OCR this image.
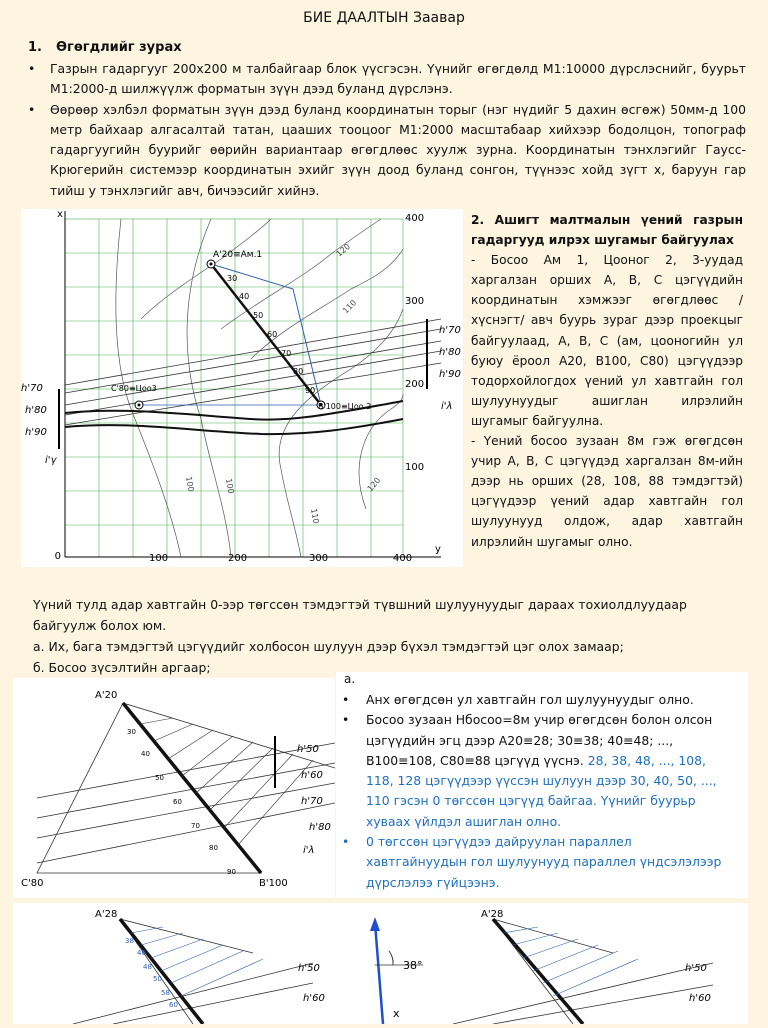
БИЕ ДААЛТЫН Заавар
1. Өгөгдлийг зурах
• Газрын гадаргууг 200х200 м талбайгаар блок үүсгэсэн. Үүнийг өгөгдөлд М1:10000 дүрслэснийг, буурьт М1:2000-д шилжүүлж форматын зүүн дээд буланд дүрслэнэ.
• Өөрөөр хэлбэл форматын зүүн дээд буланд координатын торыг (нэг нүдийг 5 дахин өсгөж) 50мм-д 100 метр байхаар алгасалтай татан, цааших тооцоог М1:2000 масштабаар хийхээр бодолцон, топограф гадаргуугийн буурийг өөрийн вариантаар өгөгдлөөс хуулж зурна. Координатын тэнхлэгийг Гаусс-Крюгерийн системээр координатын эхийг зүүн доод буланд сонгон, түүнээс хойд зүгт х, баруун гар тийш у тэнхлэгийг авч, бичээсийг хийнэ.
x
y
0	100	200	300	400
100
200
300
400
110
120
100
100
110
120
A'20≡Ам.1
B'100≡Цоо.2
C'80≡Цоо3
30
40
50
60
70
80
90
h'70
h'80
h'90
h'70
h'80
h'90
i'λ
i'γ
2. Ашигт малтмалын үений газрын гадаргууд илрэх шугамыг байгуулах
- Босоо Ам 1, Цооног 2, 3-уудад харгалзан орших A, B, C цэгүүдийн координатын хэмжээг өгөгдлөөс /хүснэгт/ авч буурь зураг дээр проекцыг байгуулаад, A, B, C (ам, цооногийн ул буюу ёроол A20, B100, C80) цэгүүдээр тодорхойлогдох үений ул хавтгайн гол шулуунуудыг ашиглан илрэлийн шугамыг байгуулна.
- Үений босоо зузаан 8м гэж өгөгдсөн учир A, B, C цэгүүдэд харгалзан 8м-ийн дээр нь орших (28, 108, 88 тэмдэгтэй) цэгүүдээр үений адар хавтгайн гол шулуунууд олдож, адар хавтгайн илрэлийн шугамыг олно.
Үүний тулд адар хавтгайн 0-ээр төгссөн тэмдэгтэй түвшний шулуунуудыг дараах тохиолдлуудаар байгуулж болох юм.
а. Их, бага тэмдэгтэй цэгүүдийг холбосон шулуун дээр бүхэл тэмдэгтэй цэг олох замаар;
б. Босоо зүсэлтийн аргаар;
A'20
B'100
C'80
30
40
50
60
70
80
90
h'50
h'60
h'70
h'80
i'λ
a.
• Анх өгөгдсөн ул хавтгайн гол шулуунуудыг олно.
• Босоо зузаан Hбосоо=8м учир өгөгдсөн болон олсон цэгүүдийн эгц дээр A20≡28; 30≡38; 40≡48; ..., B100≡108, C80≡88 цэгүүд үүснэ. 28, 38, 48, ..., 108, 118, 128 цэгүүдээр үүссэн шулуун дээр 30, 40, 50, ..., 110 гэсэн 0 төгссөн цэгүүд байгаа. Үүнийг буурьр хувааx үйлдэл ашиглан олно.
• 0 төгссөн цэгүүдээ дайруулан параллел хавтгайнуудын гол шулуунууд параллел үндсэлэлээр дүрслэлээ гүйцээнэ.
A'28
38
40
48
50
58
60
h'50
h'60
38°
x
A'28
h'50
h'60
